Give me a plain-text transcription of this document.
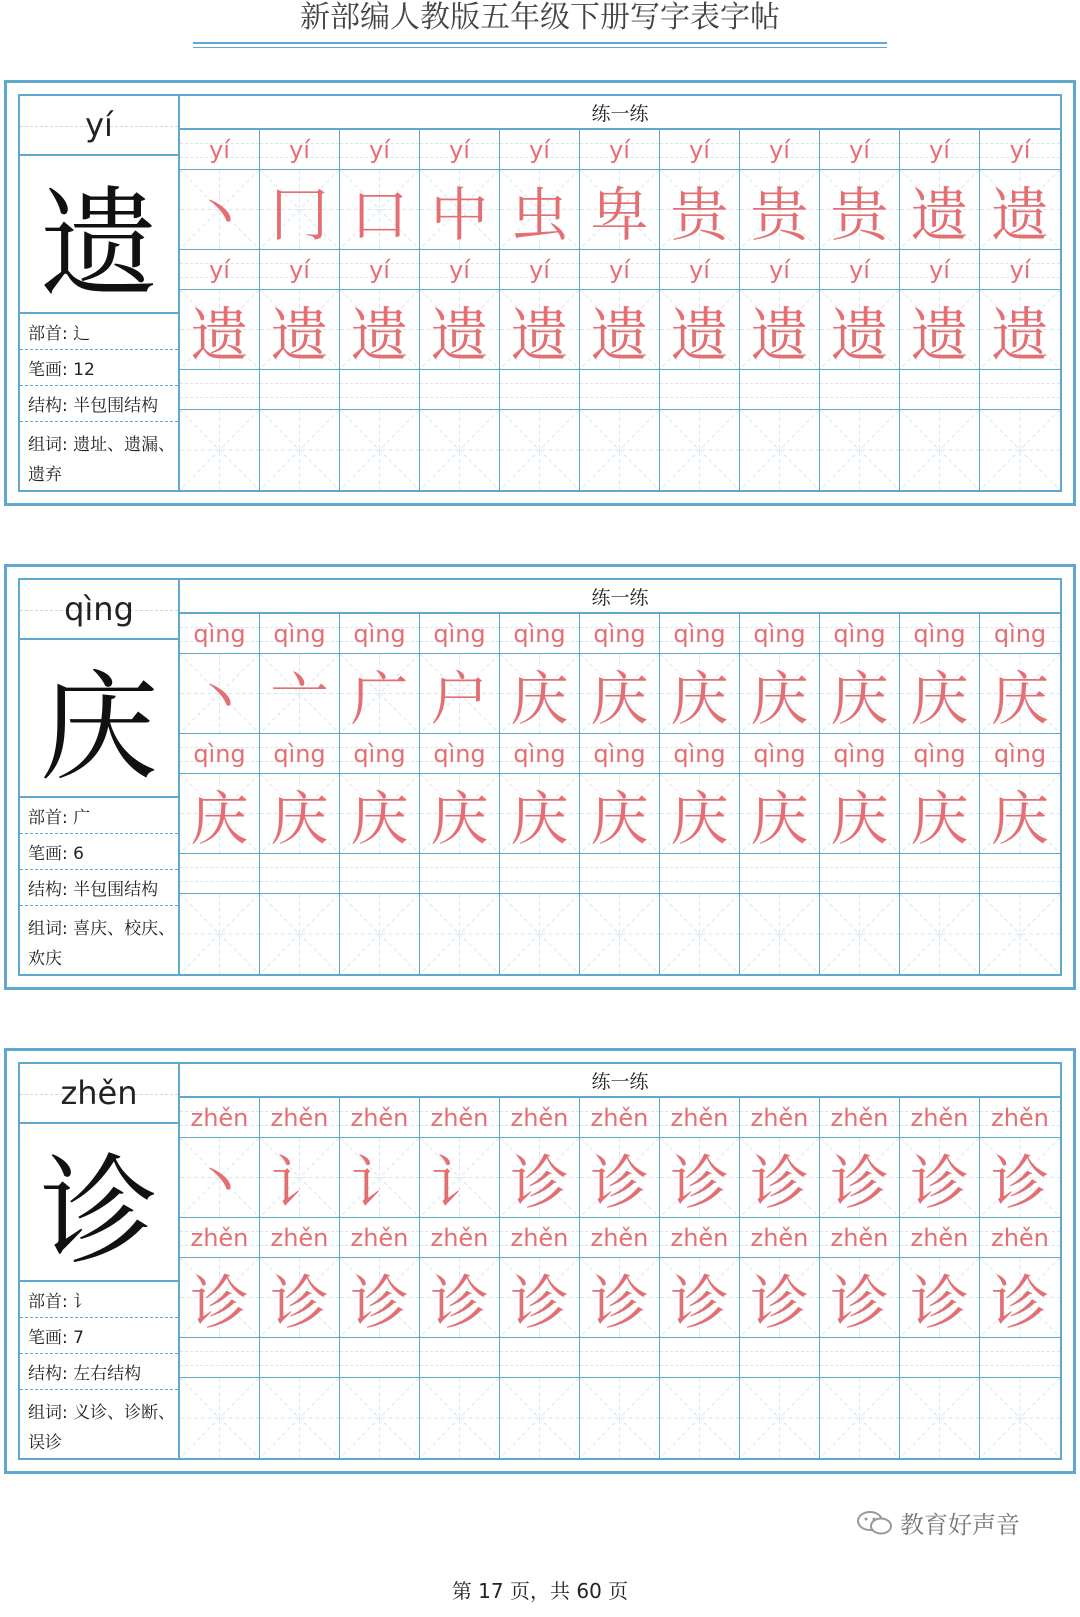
新部编人教版五年级下册写字表字帖
yí
遗
部首: 辶
笔画: 12
结构: 半包围结构
组词: 遗址、遗漏、遗弃
练一练
yí yí yí yí yí yí yí yí yí yí yí
丶 冂 口 中 虫 卑 贵 贵 贵 遗 遗
yí yí yí yí yí yí yí yí yí yí yí
遗 遗 遗 遗 遗 遗 遗 遗 遗 遗 遗
qìng
庆
部首: 广
笔画: 6
结构: 半包围结构
组词: 喜庆、校庆、欢庆
练一练
qìng qìng qìng qìng qìng qìng qìng qìng qìng qìng qìng
丶 亠 广 户 庆 庆 庆 庆 庆 庆 庆
qìng qìng qìng qìng qìng qìng qìng qìng qìng qìng qìng
庆 庆 庆 庆 庆 庆 庆 庆 庆 庆 庆
zhěn
诊
部首: 讠
笔画: 7
结构: 左右结构
组词: 义诊、诊断、误诊
练一练
zhěn zhěn zhěn zhěn zhěn zhěn zhěn zhěn zhěn zhěn zhěn
丶 讠 讠 讠 诊 诊 诊 诊 诊 诊 诊
zhěn zhěn zhěn zhěn zhěn zhěn zhěn zhěn zhěn zhěn zhěn
诊 诊 诊 诊 诊 诊 诊 诊 诊 诊 诊
教育好声音
第 17 页，共 60 页
